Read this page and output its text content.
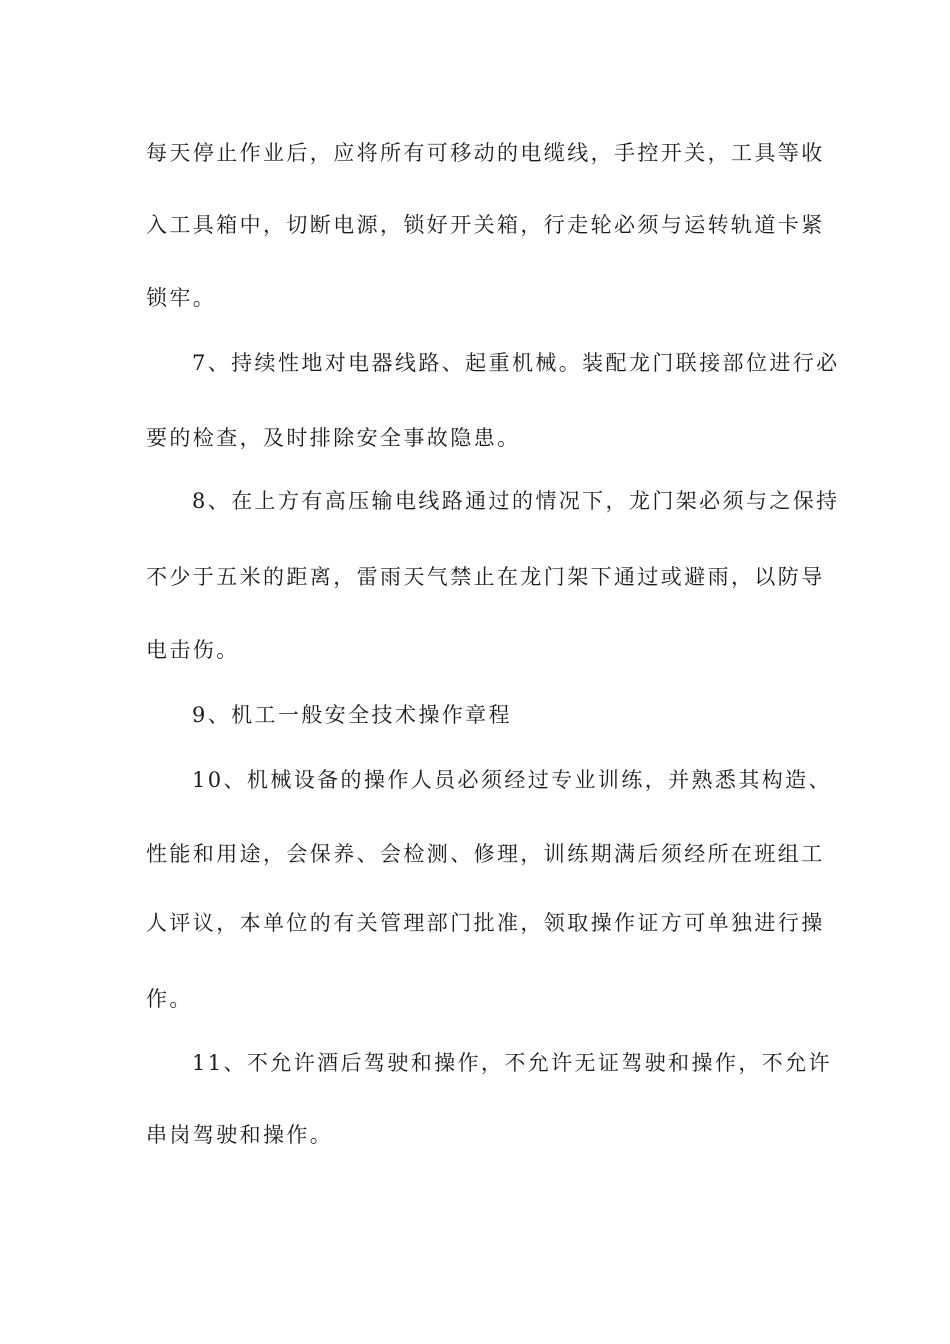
每天停止作业后，应将所有可移动的电缆线，手控开关，工具等收
入工具箱中，切断电源，锁好开关箱，行走轮必须与运转轨道卡紧
锁牢。
7、持续性地对电器线路、起重机械。装配龙门联接部位进行必
要的检查，及时排除安全事故隐患。
8、在上方有高压输电线路通过的情况下，龙门架必须与之保持
不少于五米的距离，雷雨天气禁止在龙门架下通过或避雨，以防导
电击伤。
9、机工一般安全技术操作章程
10、机械设备的操作人员必须经过专业训练，并熟悉其构造、
性能和用途，会保养、会检测、修理，训练期满后须经所在班组工
人评议，本单位的有关管理部门批准，领取操作证方可单独进行操
作。
11、不允许酒后驾驶和操作，不允许无证驾驶和操作，不允许
串岗驾驶和操作。
